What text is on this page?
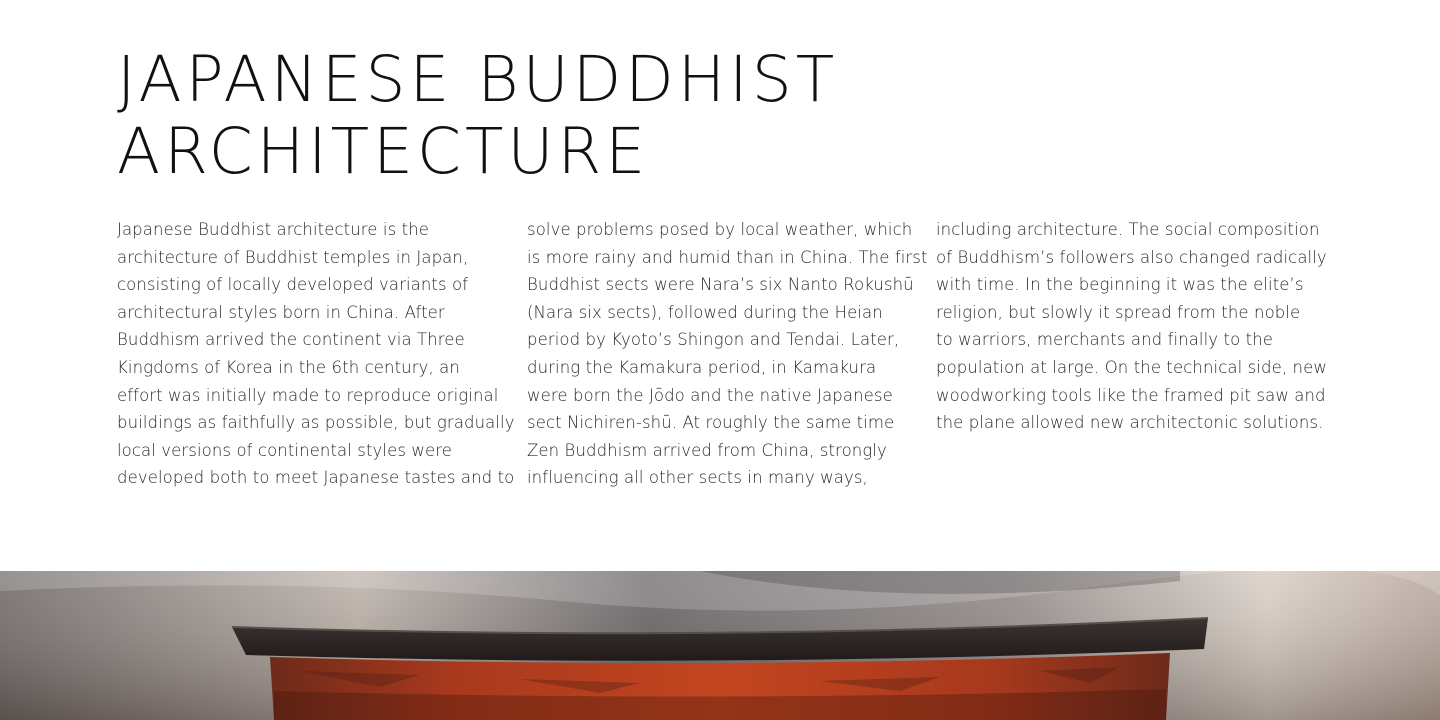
JAPANESE BUDDHIST
ARCHITECTURE

Japanese Buddhist architecture is the
architecture of Buddhist temples in Japan,
consisting of locally developed variants of
architectural styles born in China. After
Buddhism arrived the continent via Three
Kingdoms of Korea in the 6th century, an
effort was initially made to reproduce original
buildings as faithfully as possible, but gradually
local versions of continental styles were
developed both to meet Japanese tastes and to

solve problems posed by local weather, which
is more rainy and humid than in China. The first
Buddhist sects were Nara’s six Nanto Rokushū
(Nara six sects), followed during the Heian
period by Kyoto’s Shingon and Tendai. Later,
during the Kamakura period, in Kamakura
were born the Jōdo and the native Japanese
sect Nichiren-shū. At roughly the same time
Zen Buddhism arrived from China, strongly
influencing all other sects in many ways,

including architecture. The social composition
of Buddhism’s followers also changed radically
with time. In the beginning it was the elite’s
religion, but slowly it spread from the noble
to warriors, merchants and finally to the
population at large. On the technical side, new
woodworking tools like the framed pit saw and
the plane allowed new architectonic solutions.
